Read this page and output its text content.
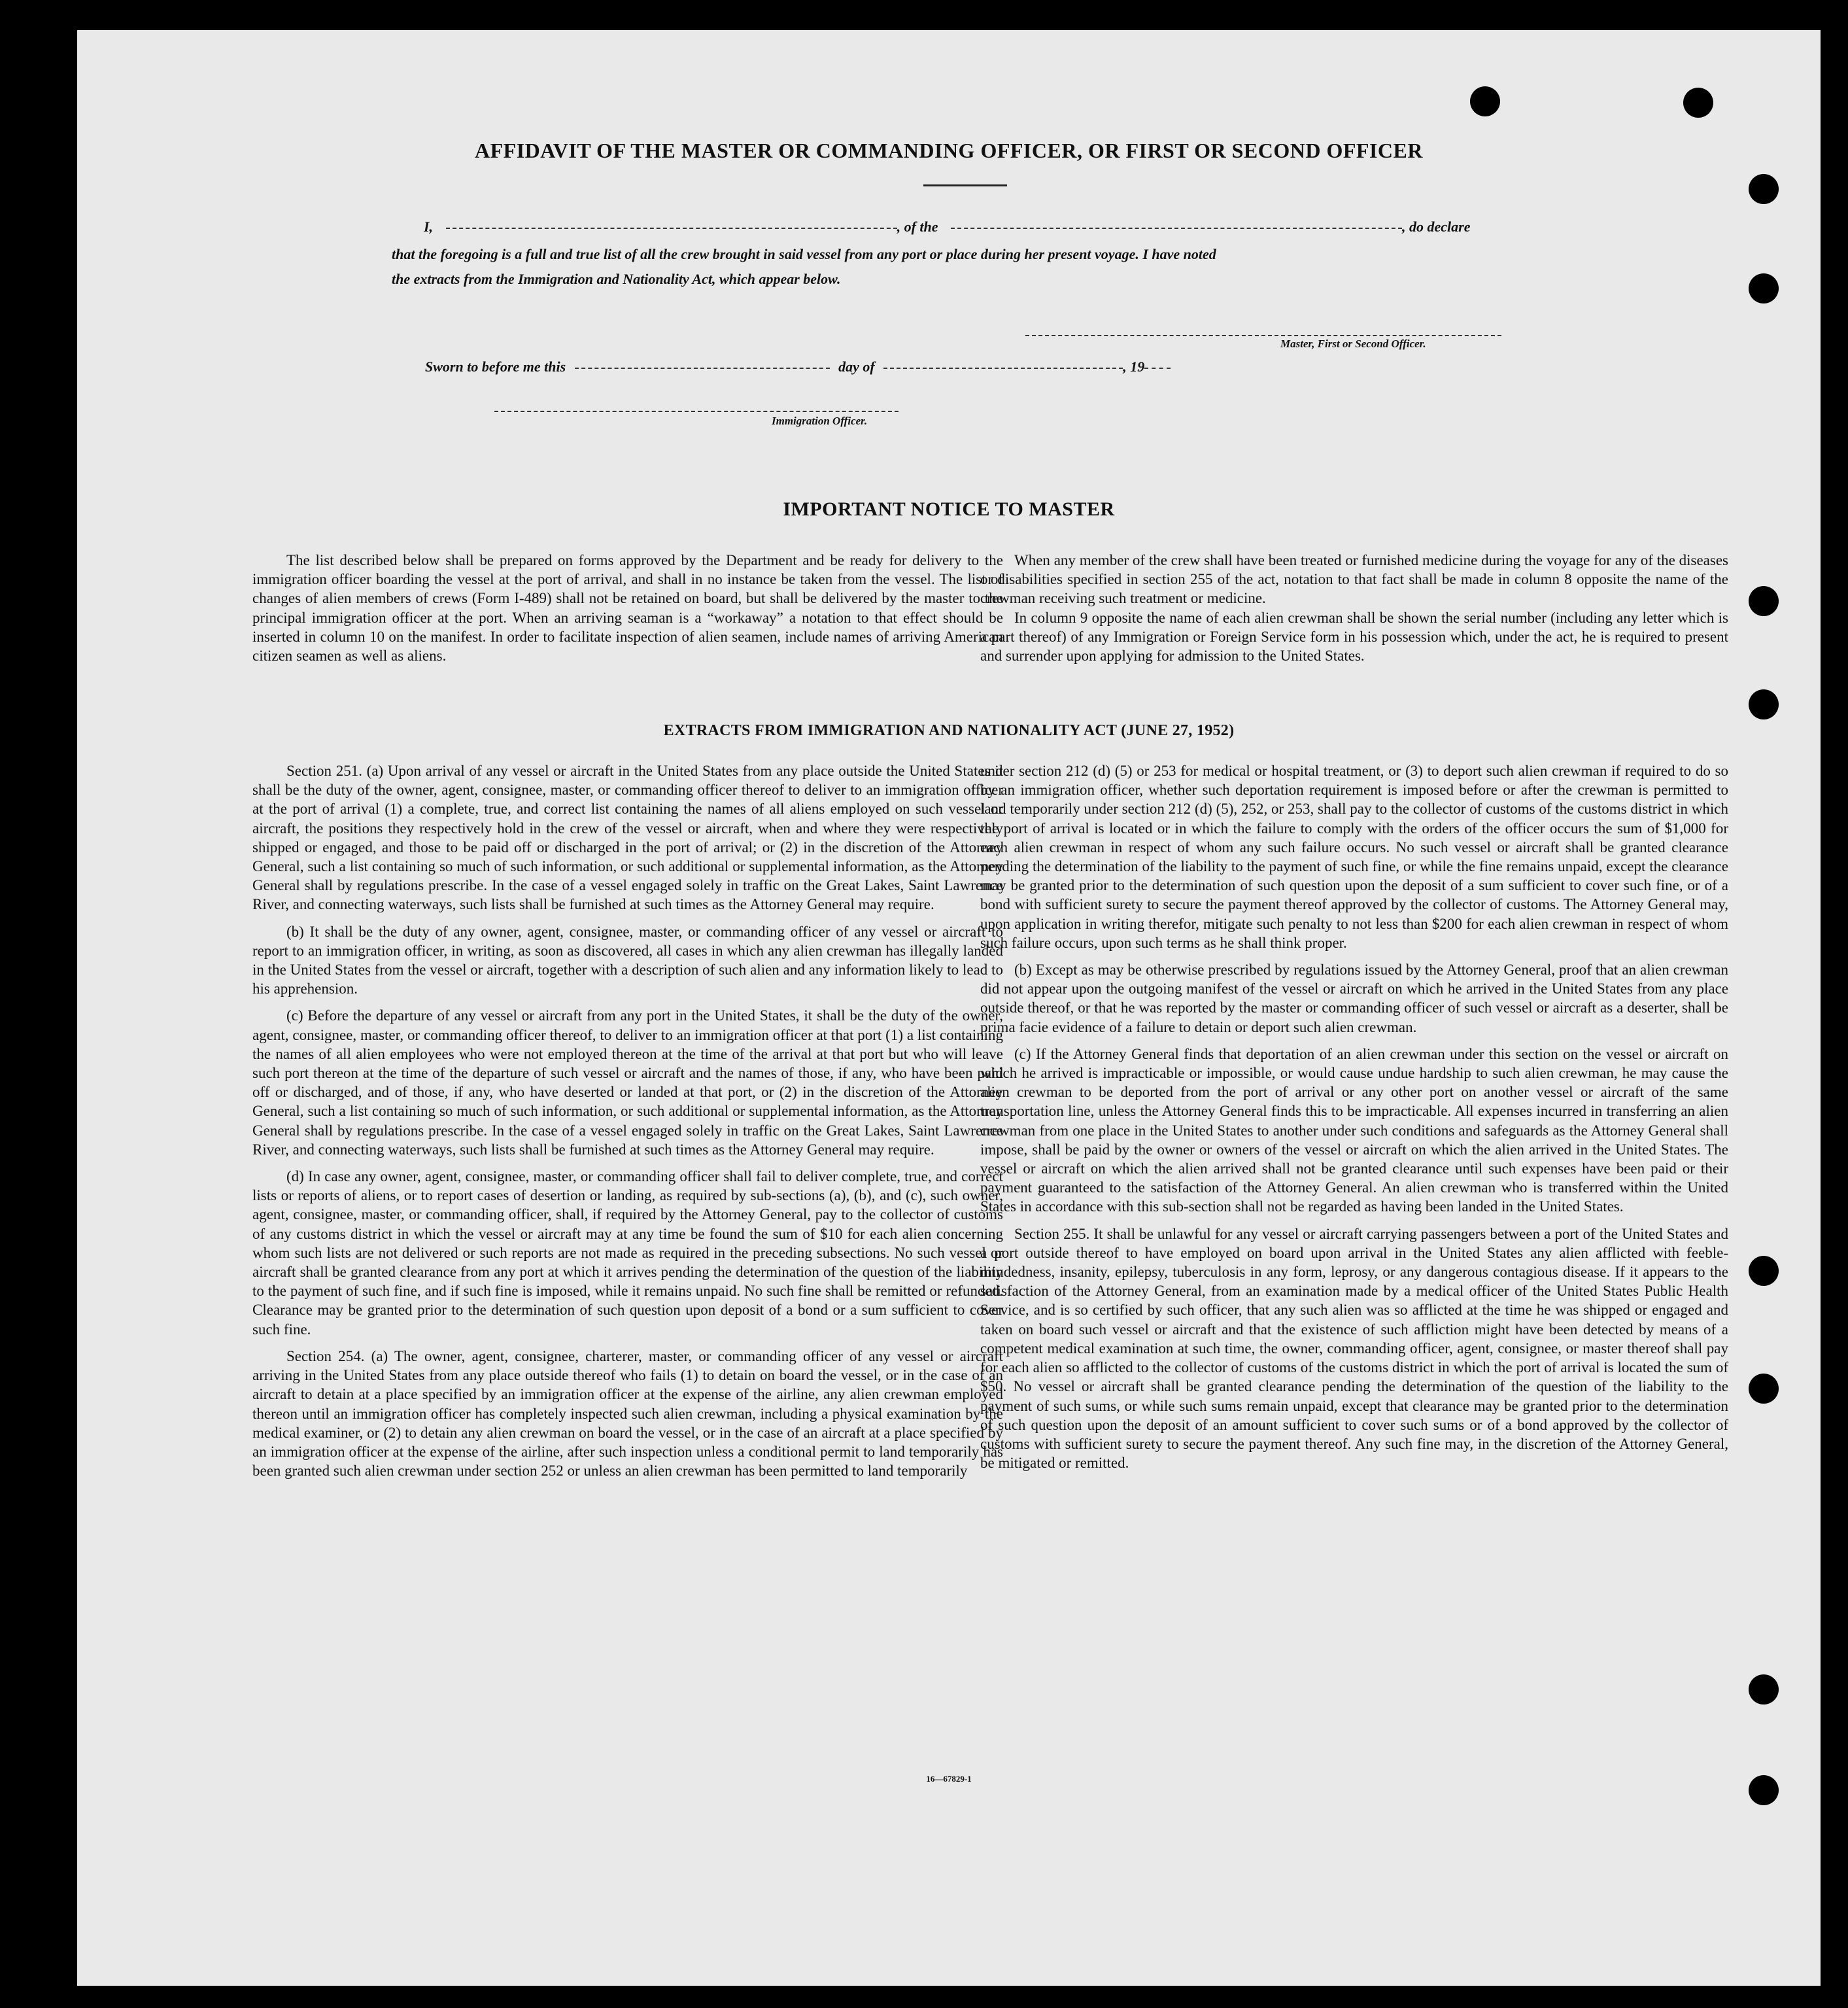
AFFIDAVIT OF THE MASTER OR COMMANDING OFFICER, OR FIRST OR SECOND OFFICER
I,	, of the	, do declare
that the foregoing is a full and true list of all the crew brought in said vessel from any port or place during her present voyage. I have noted
the extracts from the Immigration and Nationality Act, which appear below.
Master, First or Second Officer.
Sworn to before me this	day of	, 19
Immigration Officer.
IMPORTANT NOTICE TO MASTER

The list described below shall be prepared on forms approved by the Department and be ready for delivery to the immigration officer boarding the vessel at the port of arrival, and shall in no instance be taken from the vessel. The list of changes of alien members of crews (Form I-489) shall not be retained on board, but shall be delivered by the master to the principal immigration officer at the port. When an arriving seaman is a “workaway” a notation to that effect should be inserted in column 10 on the manifest. In order to facilitate inspection of alien seamen, include names of arriving American citizen seamen as well as aliens.

When any member of the crew shall have been treated or furnished medicine during the voyage for any of the diseases or disabilities specified in section 255 of the act, notation to that fact shall be made in column 8 opposite the name of the crewman receiving such treatment or medicine.

In column 9 opposite the name of each alien crewman shall be shown the serial number (including any letter which is a part thereof) of any Immigration or Foreign Service form in his possession which, under the act, he is required to present and surrender upon applying for admission to the United States.

EXTRACTS FROM IMMIGRATION AND NATIONALITY ACT (JUNE 27, 1952)

Section 251. (a) Upon arrival of any vessel or aircraft in the United States from any place outside the United States it shall be the duty of the owner, agent, consignee, master, or commanding officer thereof to deliver to an immigration officer at the port of arrival (1) a complete, true, and correct list containing the names of all aliens employed on such vessel or aircraft, the positions they respectively hold in the crew of the vessel or aircraft, when and where they were respectively shipped or engaged, and those to be paid off or discharged in the port of arrival; or (2) in the discretion of the Attorney General, such a list containing so much of such information, or such additional or supplemental information, as the Attorney General shall by regulations prescribe. In the case of a vessel engaged solely in traffic on the Great Lakes, Saint Lawrence River, and connecting waterways, such lists shall be furnished at such times as the Attorney General may require.

(b) It shall be the duty of any owner, agent, consignee, master, or commanding officer of any vessel or aircraft to report to an immigration officer, in writing, as soon as discovered, all cases in which any alien crewman has illegally landed in the United States from the vessel or aircraft, together with a description of such alien and any information likely to lead to his apprehension.

(c) Before the departure of any vessel or aircraft from any port in the United States, it shall be the duty of the owner, agent, consignee, master, or commanding officer thereof, to deliver to an immigration officer at that port (1) a list containing the names of all alien employees who were not employed thereon at the time of the arrival at that port but who will leave such port thereon at the time of the departure of such vessel or aircraft and the names of those, if any, who have been paid off or discharged, and of those, if any, who have deserted or landed at that port, or (2) in the discretion of the Attorney General, such a list containing so much of such information, or such additional or supplemental information, as the Attorney General shall by regulations prescribe. In the case of a vessel engaged solely in traffic on the Great Lakes, Saint Lawrence River, and connecting waterways, such lists shall be furnished at such times as the Attorney General may require.

(d) In case any owner, agent, consignee, master, or commanding officer shall fail to deliver complete, true, and correct lists or reports of aliens, or to report cases of desertion or landing, as required by sub-sections (a), (b), and (c), such owner, agent, consignee, master, or commanding officer, shall, if required by the Attorney General, pay to the collector of customs of any customs district in which the vessel or aircraft may at any time be found the sum of $10 for each alien concerning whom such lists are not delivered or such reports are not made as required in the preceding subsections. No such vessel or aircraft shall be granted clearance from any port at which it arrives pending the determination of the question of the liability to the payment of such fine, and if such fine is imposed, while it remains unpaid. No such fine shall be remitted or refunded. Clearance may be granted prior to the determination of such question upon deposit of a bond or a sum sufficient to cover such fine.

Section 254. (a) The owner, agent, consignee, charterer, master, or commanding officer of any vessel or aircraft arriving in the United States from any place outside thereof who fails (1) to detain on board the vessel, or in the case of an aircraft to detain at a place specified by an immigration officer at the expense of the airline, any alien crewman employed thereon until an immigration officer has completely inspected such alien crewman, including a physical examination by the medical examiner, or (2) to detain any alien crewman on board the vessel, or in the case of an aircraft at a place specified by an immigration officer at the expense of the airline, after such inspection unless a conditional permit to land temporarily has been granted such alien crewman under section 252 or unless an alien crewman has been permitted to land temporarily

under section 212 (d) (5) or 253 for medical or hospital treatment, or (3) to deport such alien crewman if required to do so by an immigration officer, whether such deportation requirement is imposed before or after the crewman is permitted to land temporarily under section 212 (d) (5), 252, or 253, shall pay to the collector of customs of the customs district in which the port of arrival is located or in which the failure to comply with the orders of the officer occurs the sum of $1,000 for each alien crewman in respect of whom any such failure occurs. No such vessel or aircraft shall be granted clearance pending the determination of the liability to the payment of such fine, or while the fine remains unpaid, except the clearance may be granted prior to the determination of such question upon the deposit of a sum sufficient to cover such fine, or of a bond with sufficient surety to secure the payment thereof approved by the collector of customs. The Attorney General may, upon application in writing therefor, mitigate such penalty to not less than $200 for each alien crewman in respect of whom such failure occurs, upon such terms as he shall think proper.

(b) Except as may be otherwise prescribed by regulations issued by the Attorney General, proof that an alien crewman did not appear upon the outgoing manifest of the vessel or aircraft on which he arrived in the United States from any place outside thereof, or that he was reported by the master or commanding officer of such vessel or aircraft as a deserter, shall be prima facie evidence of a failure to detain or deport such alien crewman.

(c) If the Attorney General finds that deportation of an alien crewman under this section on the vessel or aircraft on which he arrived is impracticable or impossible, or would cause undue hardship to such alien crewman, he may cause the alien crewman to be deported from the port of arrival or any other port on another vessel or aircraft of the same transportation line, unless the Attorney General finds this to be impracticable. All expenses incurred in transferring an alien crewman from one place in the United States to another under such conditions and safeguards as the Attorney General shall impose, shall be paid by the owner or owners of the vessel or aircraft on which the alien arrived in the United States. The vessel or aircraft on which the alien arrived shall not be granted clearance until such expenses have been paid or their payment guaranteed to the satisfaction of the Attorney General. An alien crewman who is transferred within the United States in accordance with this sub-section shall not be regarded as having been landed in the United States.

Section 255. It shall be unlawful for any vessel or aircraft carrying passengers between a port of the United States and a port outside thereof to have employed on board upon arrival in the United States any alien afflicted with feeble-mindedness, insanity, epilepsy, tuberculosis in any form, leprosy, or any dangerous contagious disease. If it appears to the satisfaction of the Attorney General, from an examination made by a medical officer of the United States Public Health Service, and is so certified by such officer, that any such alien was so afflicted at the time he was shipped or engaged and taken on board such vessel or aircraft and that the existence of such affliction might have been detected by means of a competent medical examination at such time, the owner, commanding officer, agent, consignee, or master thereof shall pay for each alien so afflicted to the collector of customs of the customs district in which the port of arrival is located the sum of $50. No vessel or aircraft shall be granted clearance pending the determination of the question of the liability to the payment of such sums, or while such sums remain unpaid, except that clearance may be granted prior to the determination of such question upon the deposit of an amount sufficient to cover such sums or of a bond approved by the collector of customs with sufficient surety to secure the payment thereof. Any such fine may, in the discretion of the Attorney General, be mitigated or remitted.

16—67829-1
